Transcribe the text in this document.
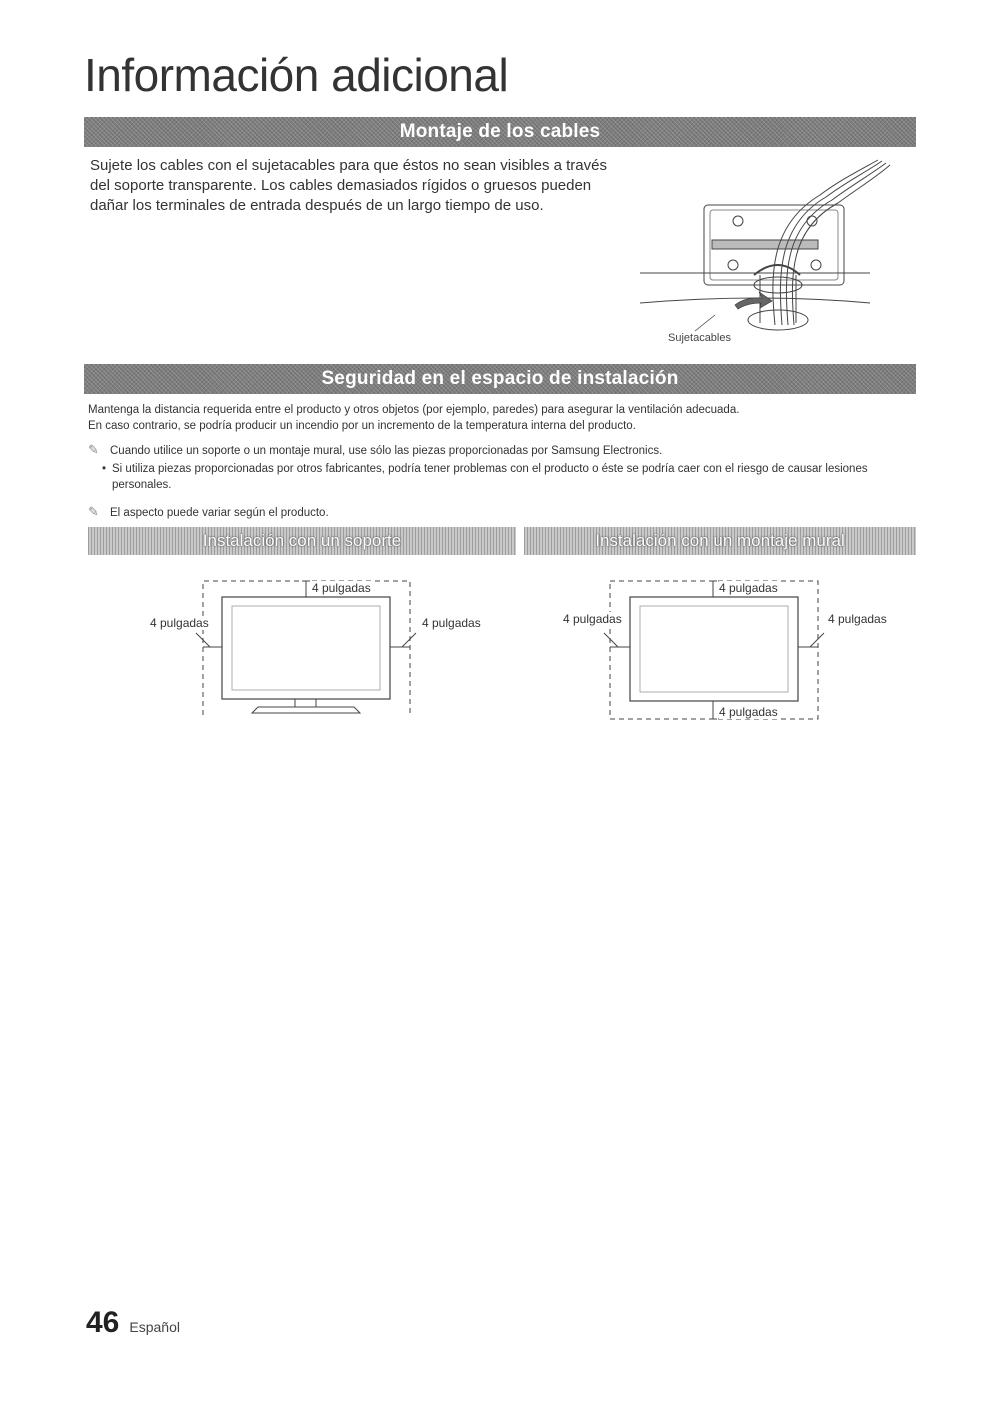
Información adicional
Montaje de los cables

Sujete los cables con el sujetacables para que éstos no sean visibles a través del soporte transparente. Los cables demasiados rígidos o gruesos pueden dañar los terminales de entrada después de un largo tiempo de uso.

Sujetacables
Seguridad en el espacio de instalación

Mantenga la distancia requerida entre el producto y otros objetos (por ejemplo, paredes) para asegurar la ventilación adecuada.

En caso contrario, se podría producir un incendio por un incremento de la temperatura interna del producto.

✎ Cuando utilice un soporte o un montaje mural, use sólo las piezas proporcionadas por Samsung Electronics.
• Si utiliza piezas proporcionadas por otros fabricantes, podría tener problemas con el producto o éste se podría caer con el riesgo de causar lesiones personales.
✎ El aspecto puede variar según el producto.
Instalación con un soporte	Instalación con un montaje mural
4 pulgadas
4 pulgadas	4 pulgadas
4 pulgadas
4 pulgadas	4 pulgadas
4 pulgadas
46 Español
